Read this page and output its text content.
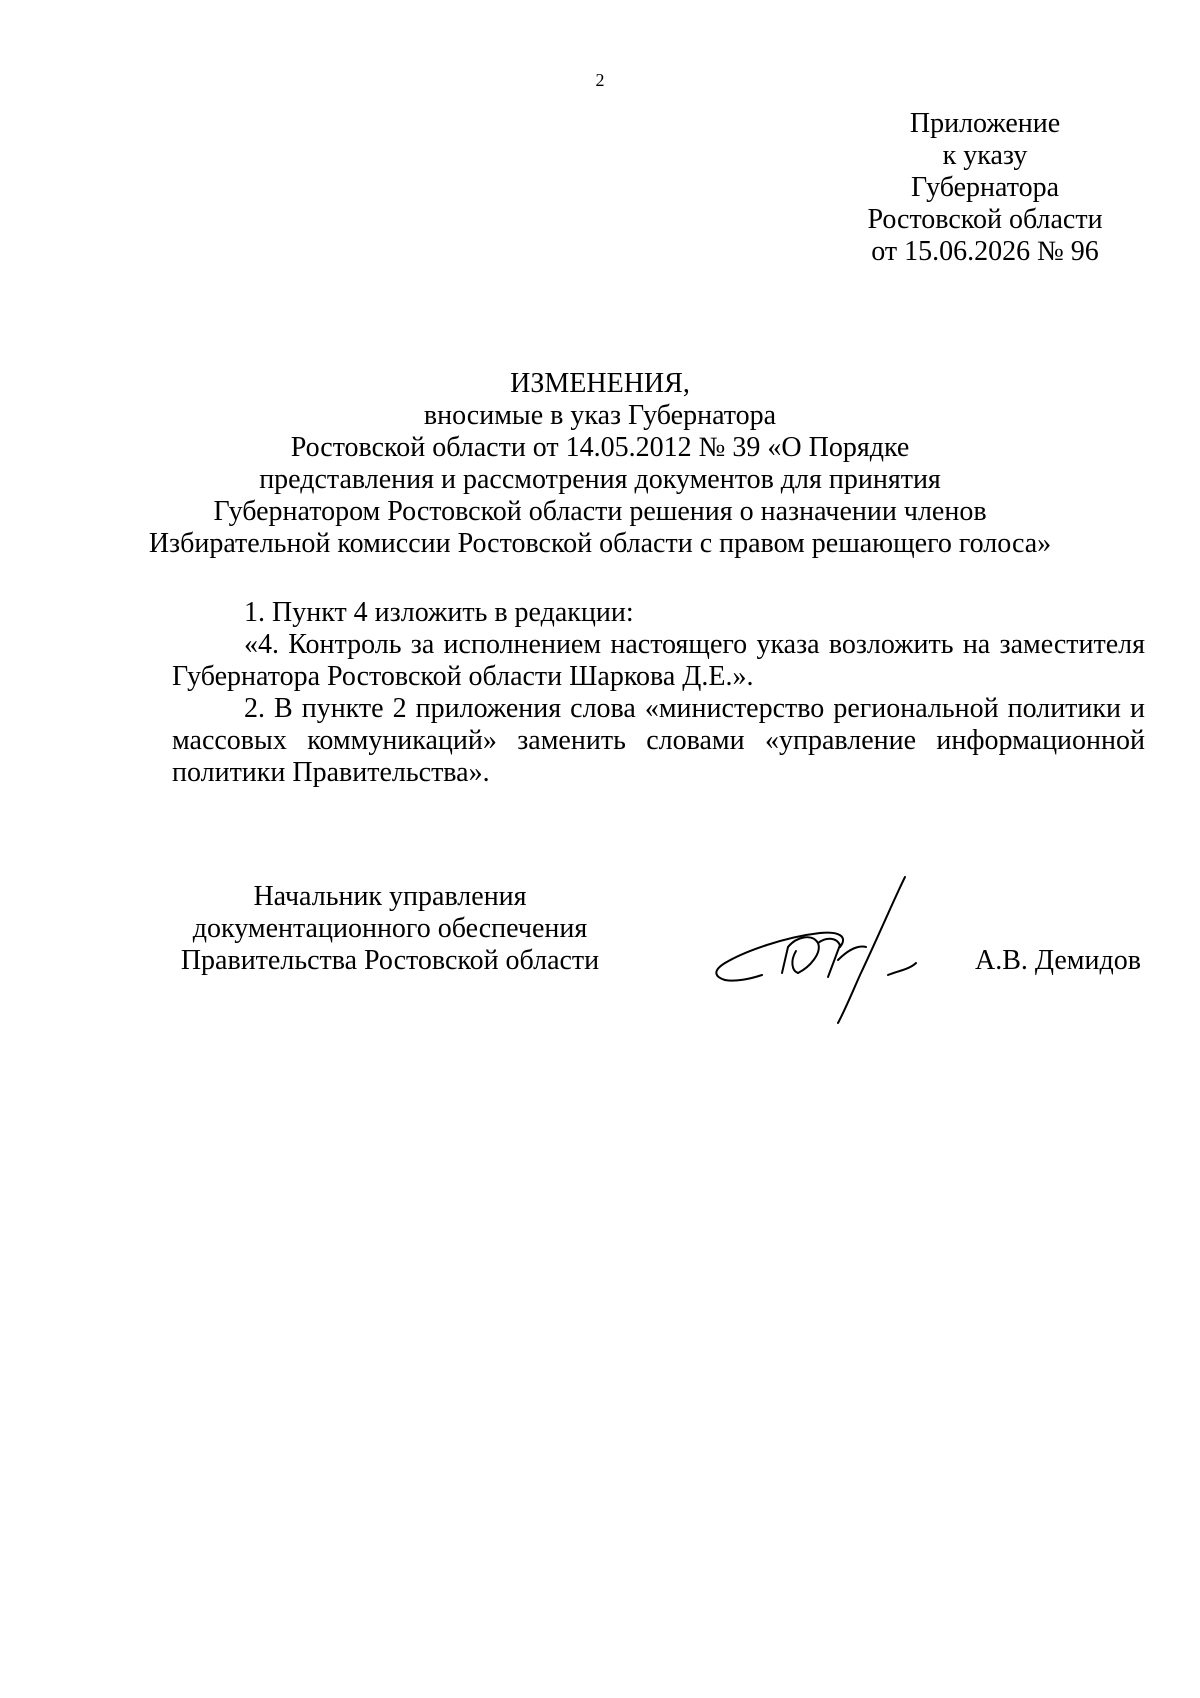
2
Приложение
к указу
Губернатора
Ростовской области
от 15.06.2026 № 96
ИЗМЕНЕНИЯ,
вносимые в указ Губернатора
Ростовской области от 14.05.2012 № 39 «О Порядке
представления и рассмотрения документов для принятия
Губернатором Ростовской области решения о назначении членов
Избирательной комиссии Ростовской области с правом решающего голоса»

1. Пункт 4 изложить в редакции:

«4. Контроль за исполнением настоящего указа возложить на заместителя Губернатора Ростовской области Шаркова Д.Е.».

2. В пункте 2 приложения слова «министерство региональной политики и массовых коммуникаций» заменить словами «управление информационной политики Правительства».

Начальник управления
документационного обеспечения
Правительства Ростовской области	А.В. Демидов
